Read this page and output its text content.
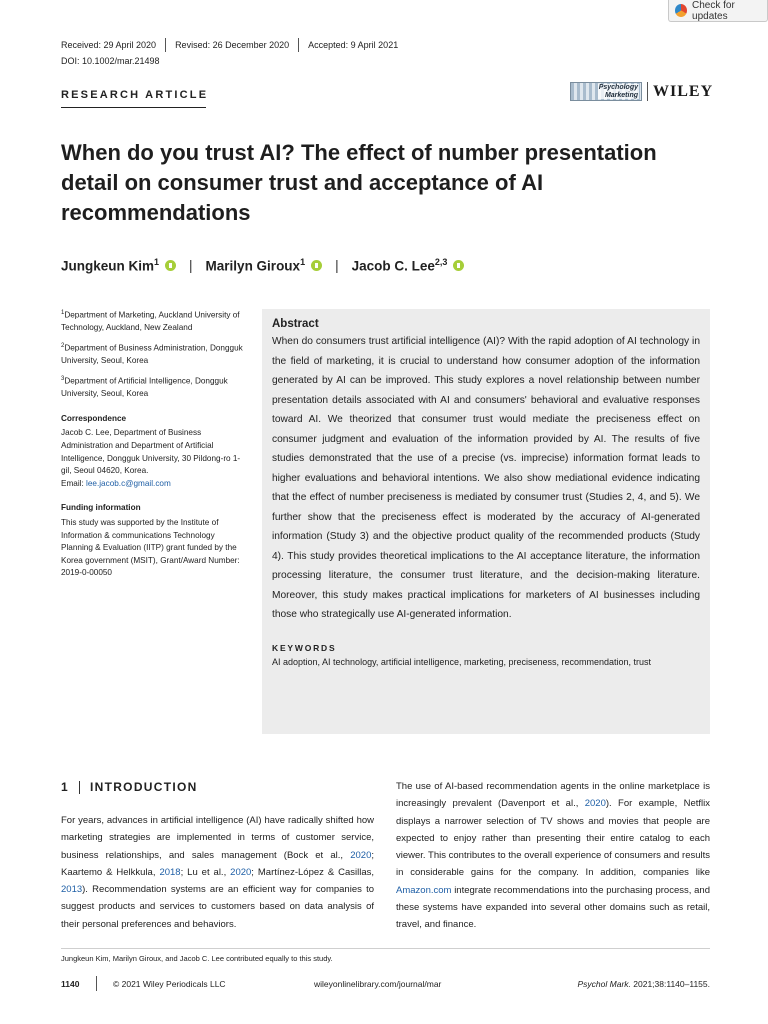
Check for updates
Received: 29 April 2020 Revised: 26 December 2020 Accepted: 9 April 2021
DOI: 10.1002/mar.21498
RESEARCH ARTICLE
Psychology
Marketing WILEY
When do you trust AI? The effect of number presentation detail on consumer trust and acceptance of AI recommendations
Jungkeun Kim$^1$ | Marilyn Giroux$^1$ | Jacob C. Lee$^{2,3}$

$^1$Department of Marketing, Auckland University of Technology, Auckland, New Zealand

$^2$Department of Business Administration, Dongguk University, Seoul, Korea

$^3$Department of Artificial Intelligence, Dongguk University, Seoul, Korea

Correspondence
Jacob C. Lee, Department of Business Administration and Department of Artificial Intelligence, Dongguk University, 30 Pildong-ro 1-gil, Seoul 04620, Korea.
Email: lee.jacob.c@gmail.com
Funding information
This study was supported by the Institute of Information & communications Technology Planning & Evaluation (IITP) grant funded by the Korea government (MSIT), Grant/Award Number: 2019-0-00050
Abstract

When do consumers trust artificial intelligence (AI)? With the rapid adoption of AI technology in the field of marketing, it is crucial to understand how consumer adoption of the information generated by AI can be improved. This study explores a novel relationship between number presentation details associated with AI and consumers' behavioral and evaluative responses toward AI. We theorized that consumer trust would mediate the preciseness effect on consumer judgment and evaluation of the information provided by AI. The results of five studies demonstrated that the use of a precise (vs. imprecise) information format leads to higher evaluations and behavioral intentions. We also show mediational evidence indicating that the effect of number preciseness is mediated by consumer trust (Studies 2, 4, and 5). We further show that the preciseness effect is moderated by the accuracy of AI-generated information (Study 3) and the objective product quality of the recommended products (Study 4). This study provides theoretical implications to the AI acceptance literature, the information processing literature, the consumer trust literature, and the decision-making literature. Moreover, this study makes practical implications for marketers of AI businesses including those who strategically use AI-generated information.

KEYWORDS
AI adoption, AI technology, artificial intelligence, marketing, preciseness, recommendation, trust
1 INTRODUCTION

For years, advances in artificial intelligence (AI) have radically shifted how marketing strategies are implemented in terms of customer service, business relationships, and sales management (Bock et al., 2020; Kaartemo & Helkkula, 2018; Lu et al., 2020; Martínez-López & Casillas, 2013). Recommendation systems are an efficient way for companies to suggest products and services to customers based on data analysis of their personal preferences and behaviors.

The use of AI-based recommendation agents in the online marketplace is increasingly prevalent (Davenport et al., 2020). For example, Netflix displays a narrower selection of TV shows and movies that people are expected to enjoy rather than presenting their entire catalog to each viewer. This contributes to the overall experience of consumers and results in considerable gains for the company. In addition, companies like Amazon.com integrate recommendations into the purchasing process, and these systems have expanded into several other domains such as retail, travel, and finance.

Jungkeun Kim, Marilyn Giroux, and Jacob C. Lee contributed equally to this study.
1140	© 2021 Wiley Periodicals LLC	wileyonlinelibrary.com/journal/mar	Psychol Mark. 2021;38:1140–1155.
